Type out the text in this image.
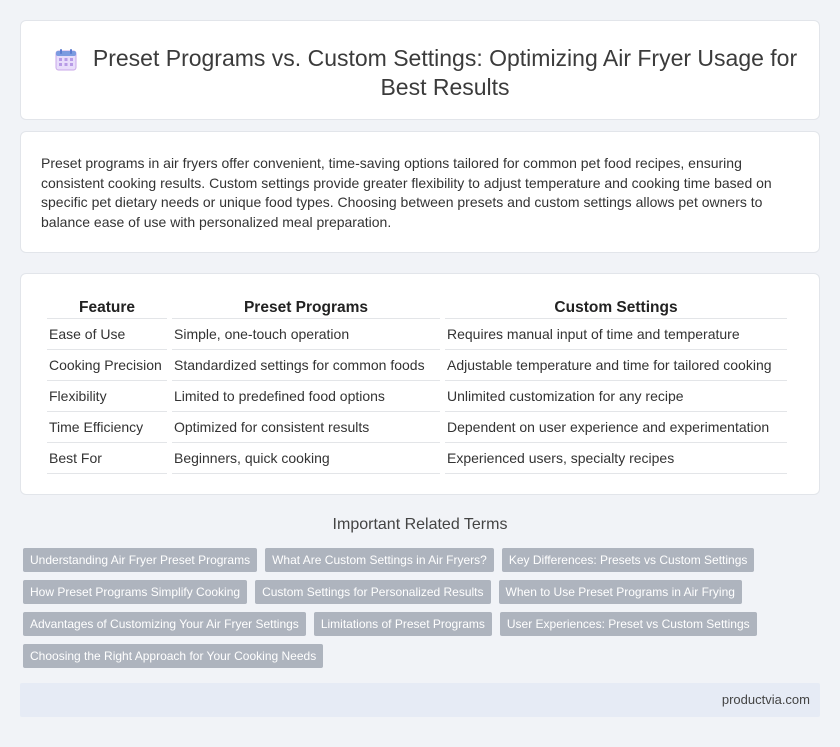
Preset Programs vs. Custom Settings: Optimizing Air Fryer Usage for Best Results

Preset programs in air fryers offer convenient, time-saving options tailored for common pet food recipes, ensuring consistent cooking results. Custom settings provide greater flexibility to adjust temperature and cooking time based on specific pet dietary needs or unique food types. Choosing between presets and custom settings allows pet owners to balance ease of use with personalized meal preparation.

Feature	Preset Programs	Custom Settings
Ease of Use	Simple, one-touch operation	Requires manual input of time and temperature
Cooking Precision	Standardized settings for common foods	Adjustable temperature and time for tailored cooking
Flexibility	Limited to predefined food options	Unlimited customization for any recipe
Time Efficiency	Optimized for consistent results	Dependent on user experience and experimentation
Best For	Beginners, quick cooking	Experienced users, specialty recipes
Important Related Terms
Understanding Air Fryer Preset Programs	What Are Custom Settings in Air Fryers?	Key Differences: Presets vs Custom Settings
How Preset Programs Simplify Cooking	Custom Settings for Personalized Results	When to Use Preset Programs in Air Frying
Advantages of Customizing Your Air Fryer Settings	Limitations of Preset Programs	User Experiences: Preset vs Custom Settings
Choosing the Right Approach for Your Cooking Needs
productvia.com
